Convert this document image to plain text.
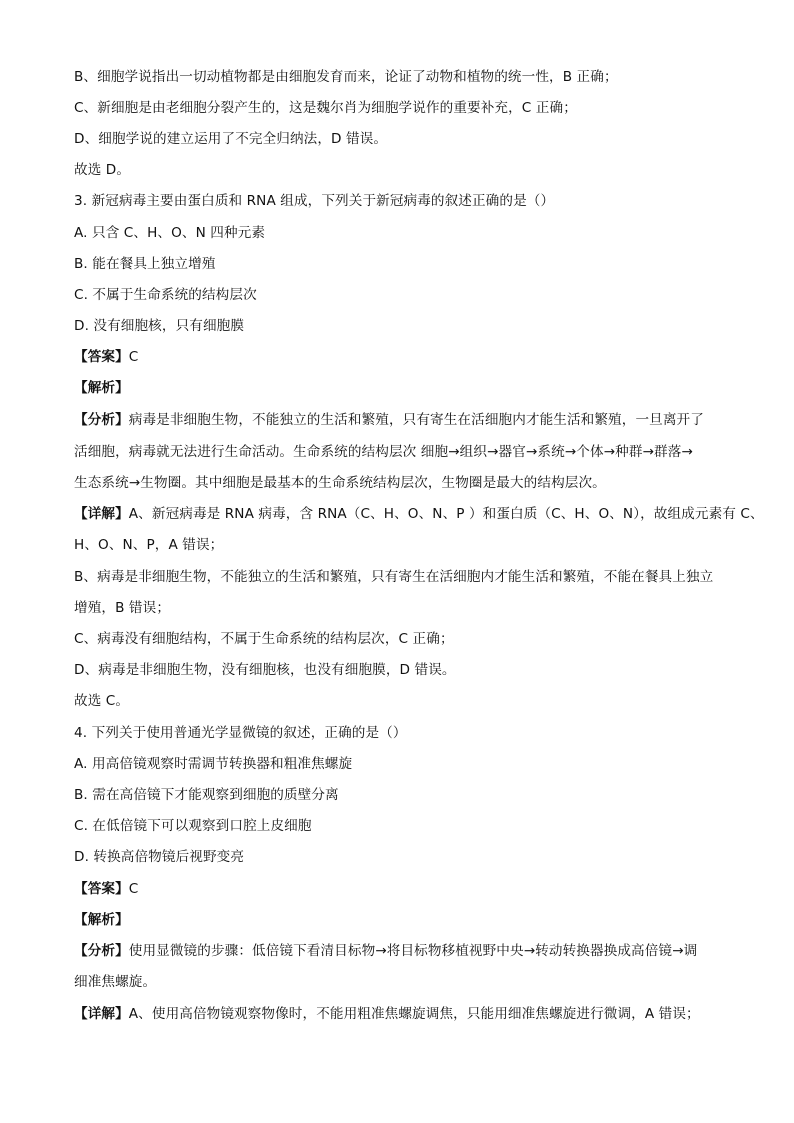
B、细胞学说指出一切动植物都是由细胞发育而来，论证了动物和植物的统一性，B 正确；
C、新细胞是由老细胞分裂产生的，这是魏尔肖为细胞学说作的重要补充，C 正确；
D、细胞学说的建立运用了不完全归纳法，D 错误。
故选 D。
3. 新冠病毒主要由蛋白质和 RNA 组成，下列关于新冠病毒的叙述正确的是（）
A. 只含 C、H、O、N 四种元素
B. 能在餐具上独立增殖
C. 不属于生命系统的结构层次
D. 没有细胞核，只有细胞膜
【答案】C
【解析】
【分析】病毒是非细胞生物，不能独立的生活和繁殖，只有寄生在活细胞内才能生活和繁殖，一旦离开了
活细胞，病毒就无法进行生命活动。生命系统的结构层次 细胞→组织→器官→系统→个体→种群→群落→
生态系统→生物圈。其中细胞是最基本的生命系统结构层次，生物圈是最大的结构层次。
【详解】A、新冠病毒是 RNA 病毒，含 RNA（C、H、O、N、P ）和蛋白质（C、H、O、N），故组成元素有 C、
H、O、N、P，A 错误；
B、病毒是非细胞生物，不能独立的生活和繁殖，只有寄生在活细胞内才能生活和繁殖，不能在餐具上独立
增殖，B 错误；
C、病毒没有细胞结构，不属于生命系统的结构层次，C 正确；
D、病毒是非细胞生物，没有细胞核，也没有细胞膜，D 错误。
故选 C。
4. 下列关于使用普通光学显微镜的叙述，正确的是（）
A. 用高倍镜观察时需调节转换器和粗准焦螺旋
B. 需在高倍镜下才能观察到细胞的质壁分离
C. 在低倍镜下可以观察到口腔上皮细胞
D. 转换高倍物镜后视野变亮
【答案】C
【解析】
【分析】使用显微镜的步骤：低倍镜下看清目标物→将目标物移植视野中央→转动转换器换成高倍镜→调
细准焦螺旋。
【详解】A、使用高倍物镜观察物像时，不能用粗准焦螺旋调焦，只能用细准焦螺旋进行微调，A 错误；
